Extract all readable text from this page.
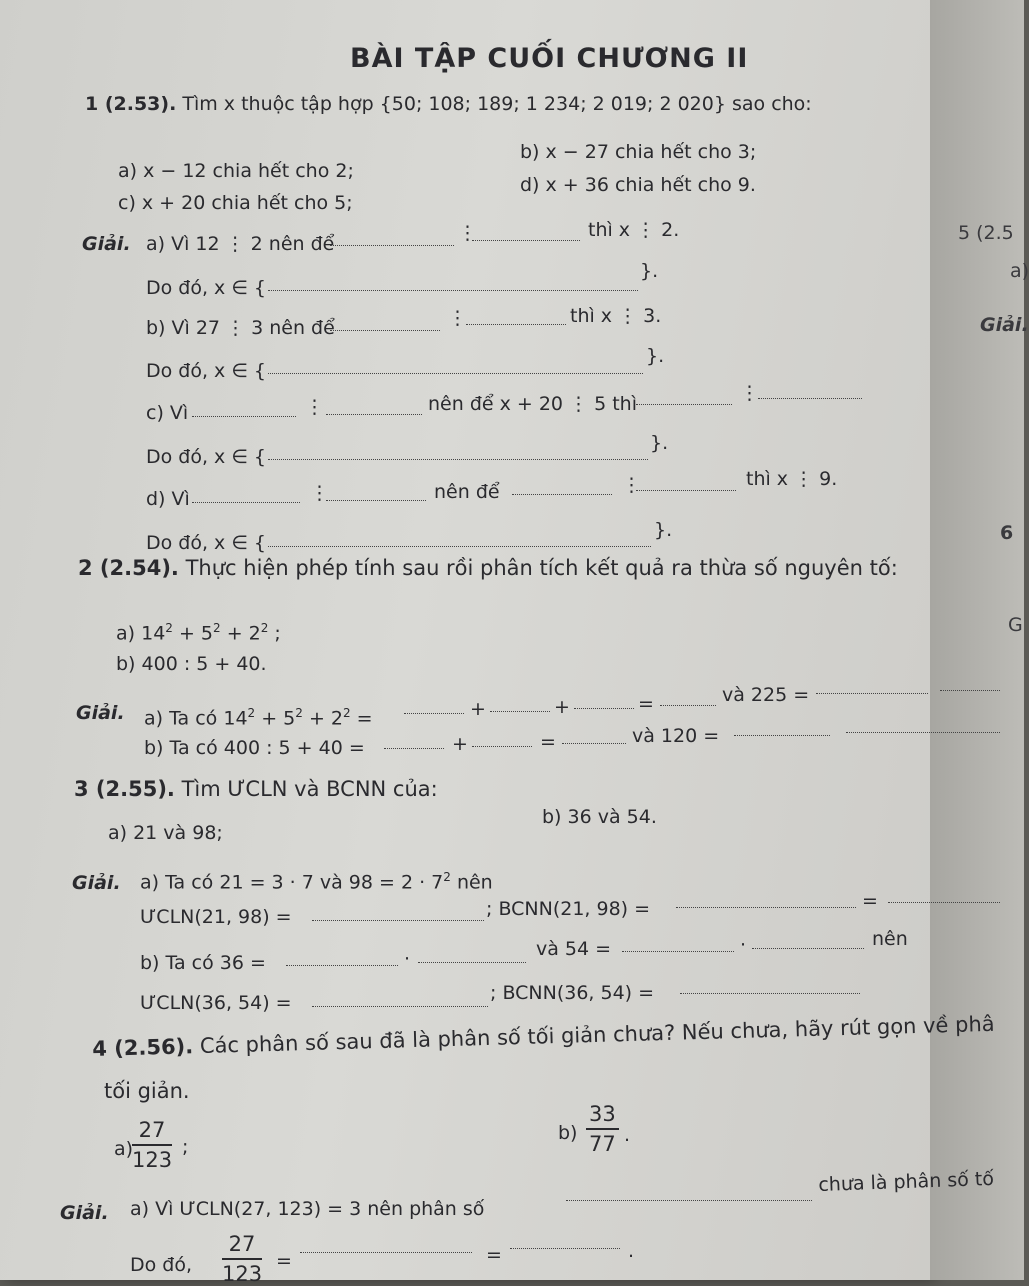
5 (2.5
a)
Giải.
6
G
BÀI TẬP CUỐI CHƯƠNG II
1 (2.53). Tìm x thuộc tập hợp {50; 108; 189; 1 234; 2 019; 2 020} sao cho:
a) x − 12 chia hết cho 2;
b) x − 27 chia hết cho 3;
c) x + 20 chia hết cho 5;
d) x + 36 chia hết cho 9.
Giải. a) Vì 12 ⋮ 2 nên để	⋮	thì x ⋮ 2.
Do đó, x ∈ {
}.
b) Vì 27 ⋮ 3 nên để	⋮	thì x ⋮ 3.
Do đó, x ∈ {
}.
c) Vì	⋮	nên để x + 20 ⋮ 5 thì	⋮
Do đó, x ∈ {
}.
d) Vì	⋮	nên để	⋮	thì x ⋮ 9.
Do đó, x ∈ {
}.
2 (2.54). Thực hiện phép tính sau rồi phân tích kết quả ra thừa số nguyên tố:
a) $14^2 + 5^2 + 2^2$ ;
b) 400 : 5 + 40.
Giải. a) Ta có $14^2 + 5^2 + 2^2$ =	+	+	=	và 225 =
b) Ta có 400 : 5 + 40 =	+	=	và 120 =
3 (2.55). Tìm ƯCLN và BCNN của:
a) 21 và 98;
b) 36 và 54.
Giải. a) Ta có 21 = 3 · 7 và $98 = 2 \cdot 7^2$ nên
ƯCLN(21, 98) =	; BCNN(21, 98) =	=
b) Ta có 36 =	·	và 54 =	·	nên
ƯCLN(36, 54) =	; BCNN(36, 54) =
4 (2.56). Các phân số sau đã là phân số tối giản chưa? Nếu chưa, hãy rút gọn về phâ
tối giản.
a)
$\frac{27}{123}$ ;
$b) \frac{33}{77}$ .
Giải. a) Vì ƯCLN(27, 123) = 3 nên phân số
chưa là phân số tố
Do đó, $\frac{27}{123}$ =	=	.
